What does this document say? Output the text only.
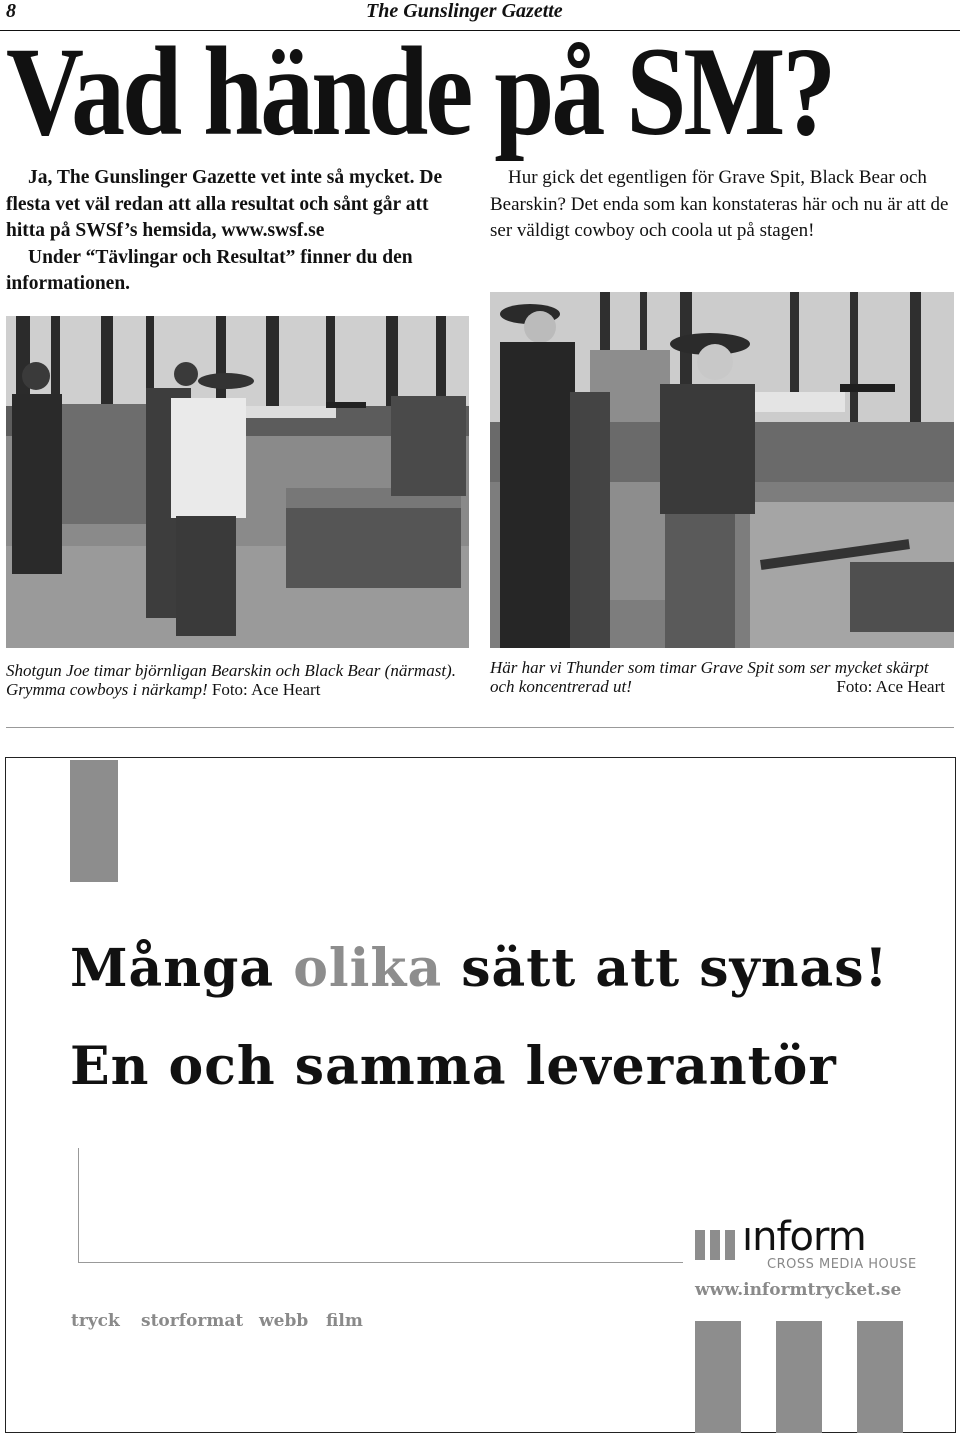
8	The Gunslinger Gazette
Vad hände på SM?

Ja, The Gunslinger Gazette vet inte så mycket. De flesta vet väl redan att alla resultat och sånt går att hitta på SWSf’s hemsida, www.swsf.se

Under “Tävlingar och Resultat” finner du den informationen.

Hur gick det egentligen för Grave Spit, Black Bear och Bearskin? Det enda som kan konstateras här och nu är att de ser väldigt cowboy och coola ut på stagen!

Shotgun Joe timar björnligan Bearskin och Black Bear (närmast). Grymma cowboys i närkamp! Foto: Ace Heart
Här har vi Thunder som timar Grave Spit som ser mycket skärpt och koncentrerad ut!	Foto: Ace Heart
Många olika sätt att synas!
En och samma leverantör
tryck storformat webb film
ınform
CROSS MEDIA HOUSE
www.informtrycket.se
